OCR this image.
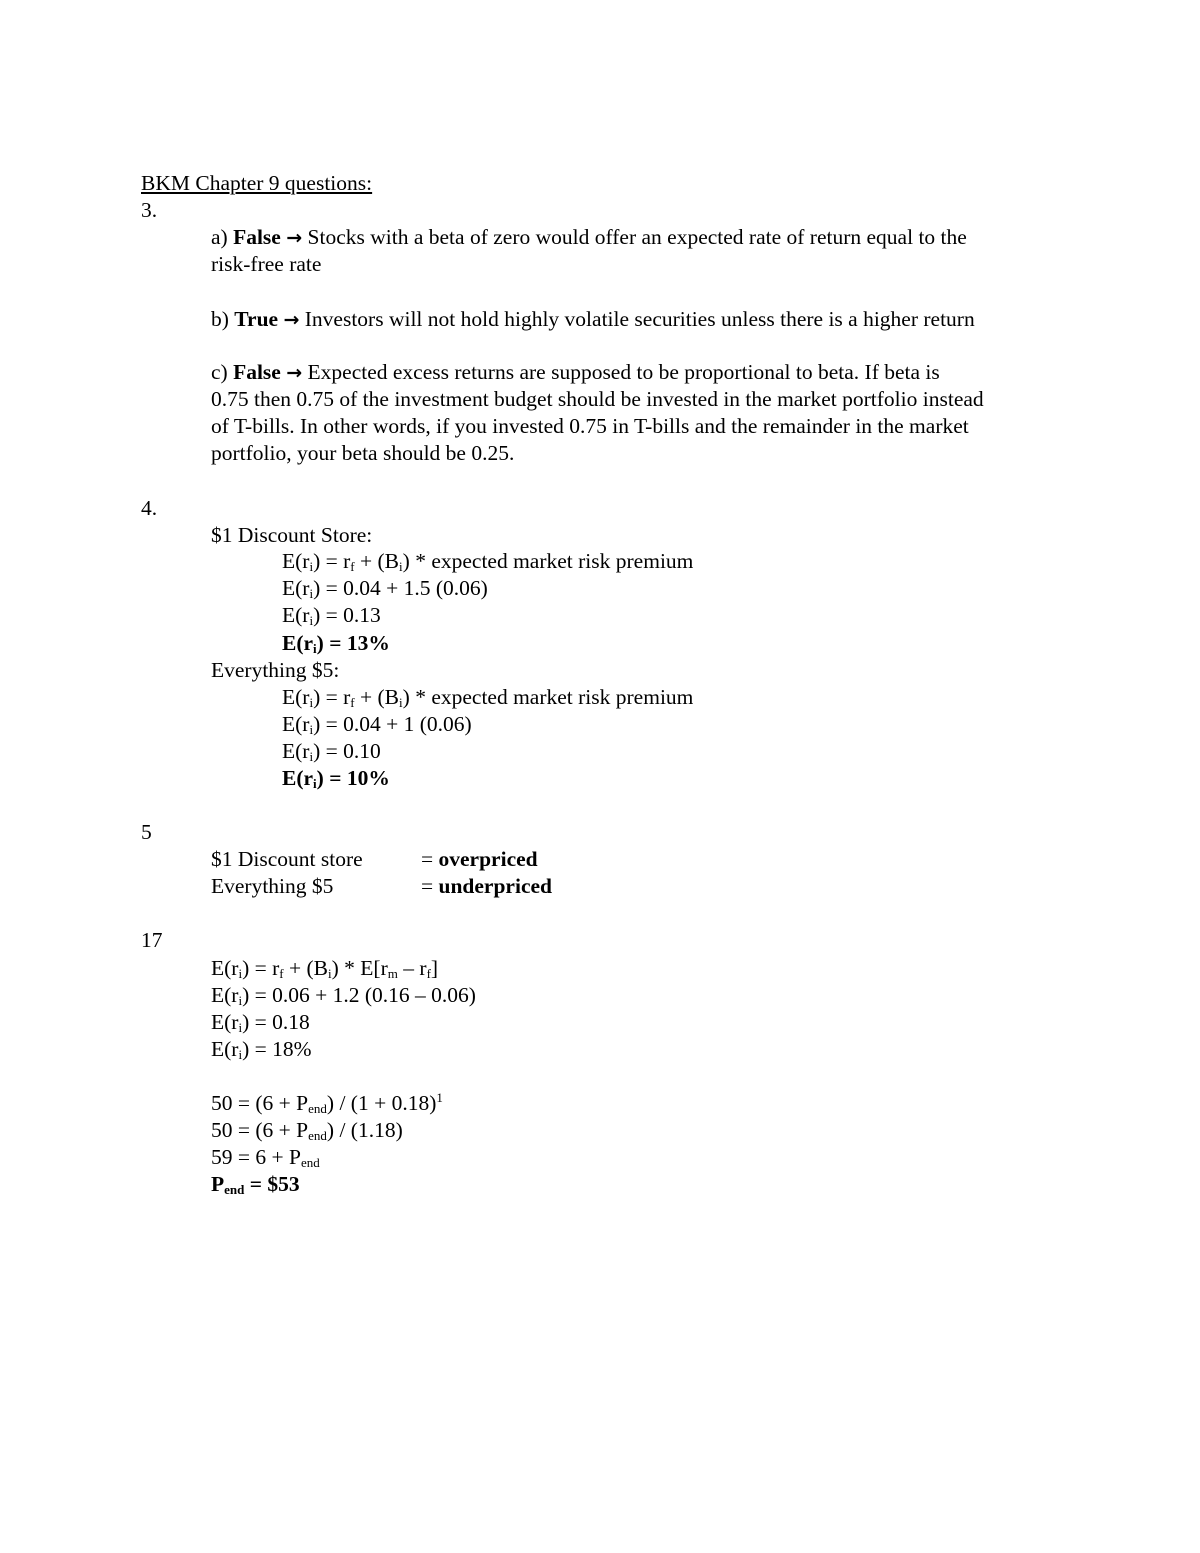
BKM Chapter 9 questions:
3.
a) False → Stocks with a beta of zero would offer an expected rate of return equal to the
risk-free rate
b) True → Investors will not hold highly volatile securities unless there is a higher return
c) False → Expected excess returns are supposed to be proportional to beta. If beta is
0.75 then 0.75 of the investment budget should be invested in the market portfolio instead
of T-bills. In other words, if you invested 0.75 in T-bills and the remainder in the market
portfolio, your beta should be 0.25.
4.
$1 Discount Store:
$E(r_i) = r_f + (B_i)$ * expected market risk premium
$E(r_i) = 0.04 + 1.5$ (0.06)
$E(r_i) = 0.13$
$E(r_i) = 13\%$
Everything $5:
$E(r_i) = r_f + (B_i)$ * expected market risk premium
$E(r_i) = 0.04 + 1$ (0.06)
$E(r_i) = 0.10$
$E(r_i) = 10\%$
5
$1 Discount store	= overpriced
Everything $5	= underpriced
17
$E(r_i) = r_f + (B_i) * E[r_m - r_f]$
$E(r_i) = 0.06 + 1.2$ (0.16 – 0.06)
$E(r_i) = 0.18$
$E(r_i) = 18\%$
$50 = (6 + P_{end}) / (1 + 0.18)^1$
$50 = (6 + P_{end}) / (1.18)$
$59 = 6 + P_{end}$
$P_{end}$ = $53
